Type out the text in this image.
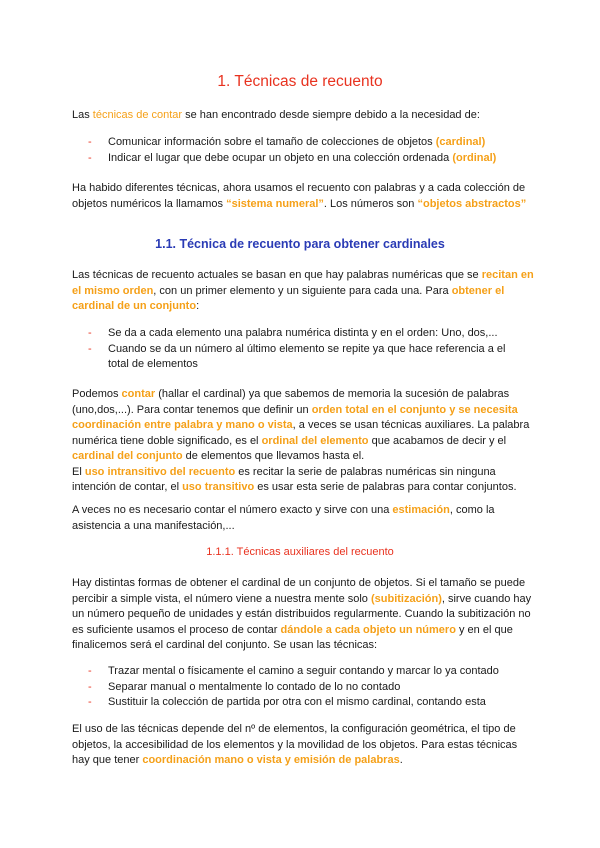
1. Técnicas de recuento
Las técnicas de contar se han encontrado desde siempre debido a la necesidad de:
- Comunicar información sobre el tamaño de colecciones de objetos (cardinal)
- Indicar el lugar que debe ocupar un objeto en una colección ordenada (ordinal)
Ha habido diferentes técnicas, ahora usamos el recuento con palabras y a cada colección de objetos numéricos la llamamos “sistema numeral”. Los números son “objetos abstractos”
1.1. Técnica de recuento para obtener cardinales
Las técnicas de recuento actuales se basan en que hay palabras numéricas que se recitan en el mismo orden, con un primer elemento y un siguiente para cada una. Para obtener el cardinal de un conjunto:
- Se da a cada elemento una palabra numérica distinta y en el orden: Uno, dos,...
- Cuando se da un número al último elemento se repite ya que hace referencia a el total de elementos
Podemos contar (hallar el cardinal) ya que sabemos de memoria la sucesión de palabras (uno,dos,...). Para contar tenemos que definir un orden total en el conjunto y se necesita coordinación entre palabra y mano o vista, a veces se usan técnicas auxiliares. La palabra numérica tiene doble significado, es el ordinal del elemento que acabamos de decir y el cardinal del conjunto de elementos que llevamos hasta el.
El uso intransitivo del recuento es recitar la serie de palabras numéricas sin ninguna intención de contar, el uso transitivo es usar esta serie de palabras para contar conjuntos.
A veces no es necesario contar el número exacto y sirve con una estimación, como la asistencia a una manifestación,...
1.1.1. Técnicas auxiliares del recuento
Hay distintas formas de obtener el cardinal de un conjunto de objetos. Si el tamaño se puede percibir a simple vista, el número viene a nuestra mente solo (subitización), sirve cuando hay un número pequeño de unidades y están distribuidos regularmente. Cuando la subitización no es suficiente usamos el proceso de contar dándole a cada objeto un número y en el que finalicemos será el cardinal del conjunto. Se usan las técnicas:
- Trazar mental o físicamente el camino a seguir contando y marcar lo ya contado
- Separar manual o mentalmente lo contado de lo no contado
- Sustituir la colección de partida por otra con el mismo cardinal, contando esta
El uso de las técnicas depende del nº de elementos, la configuración geométrica, el tipo de objetos, la accesibilidad de los elementos y la movilidad de los objetos. Para estas técnicas hay que tener coordinación mano o vista y emisión de palabras.
